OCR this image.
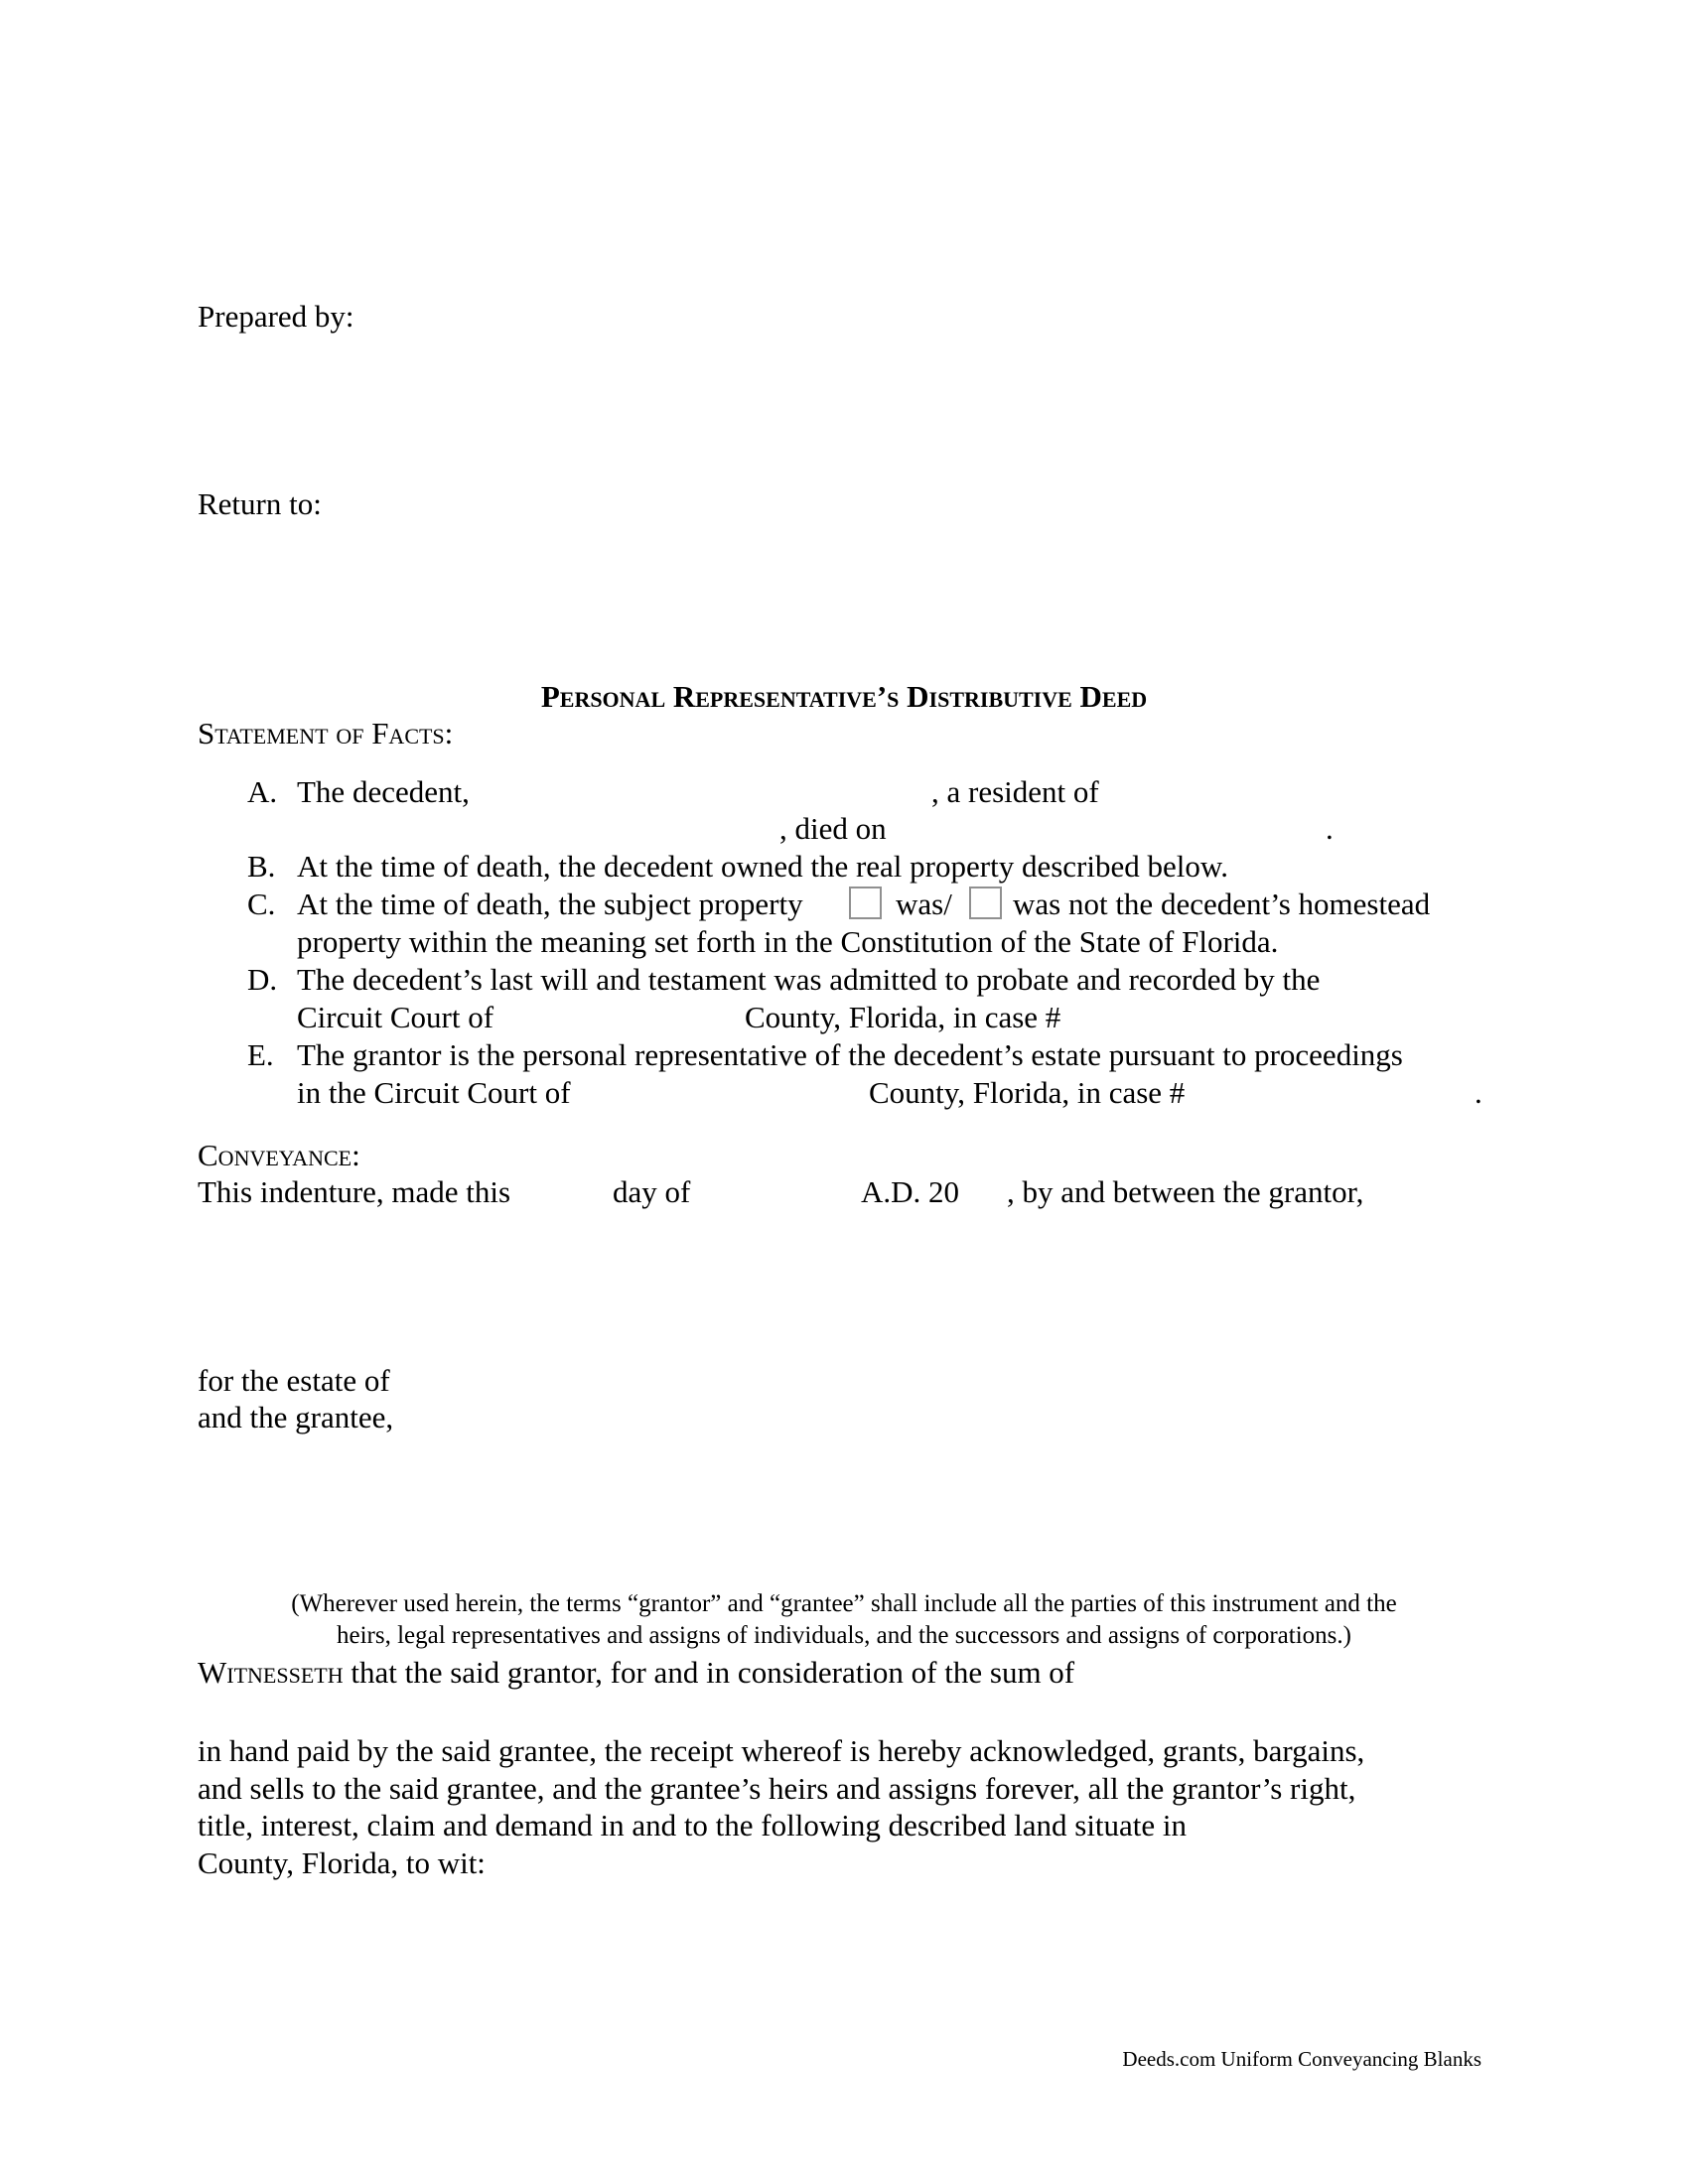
Prepared by:
Return to:
Personal Representative’s Distributive Deed
Statement of Facts:
A. The decedent,	, a resident of
, died on	.
B. At the time of death, the decedent owned the real property described below.
C. At the time of death, the subject property	was/ was not the decedent’s homestead
property within the meaning set forth in the Constitution of the State of Florida.
D. The decedent’s last will and testament was admitted to probate and recorded by the
Circuit Court of	County, Florida, in case #
E. The grantor is the personal representative of the decedent’s estate pursuant to proceedings
in the Circuit Court of	County, Florida, in case #	.
Conveyance:
This indenture, made this	day of	A.D. 20 , by and between the grantor,
for the estate of
and the grantee,
(Wherever used herein, the terms “grantor” and “grantee” shall include all the parties of this instrument and the
heirs, legal representatives and assigns of individuals, and the successors and assigns of corporations.)
Witnesseth that the said grantor, for and in consideration of the sum of
in hand paid by the said grantee, the receipt whereof is hereby acknowledged, grants, bargains,
and sells to the said grantee, and the grantee’s heirs and assigns forever, all the grantor’s right,
title, interest, claim and demand in and to the following described land situate in
County, Florida, to wit:
Deeds.com Uniform Conveyancing Blanks
